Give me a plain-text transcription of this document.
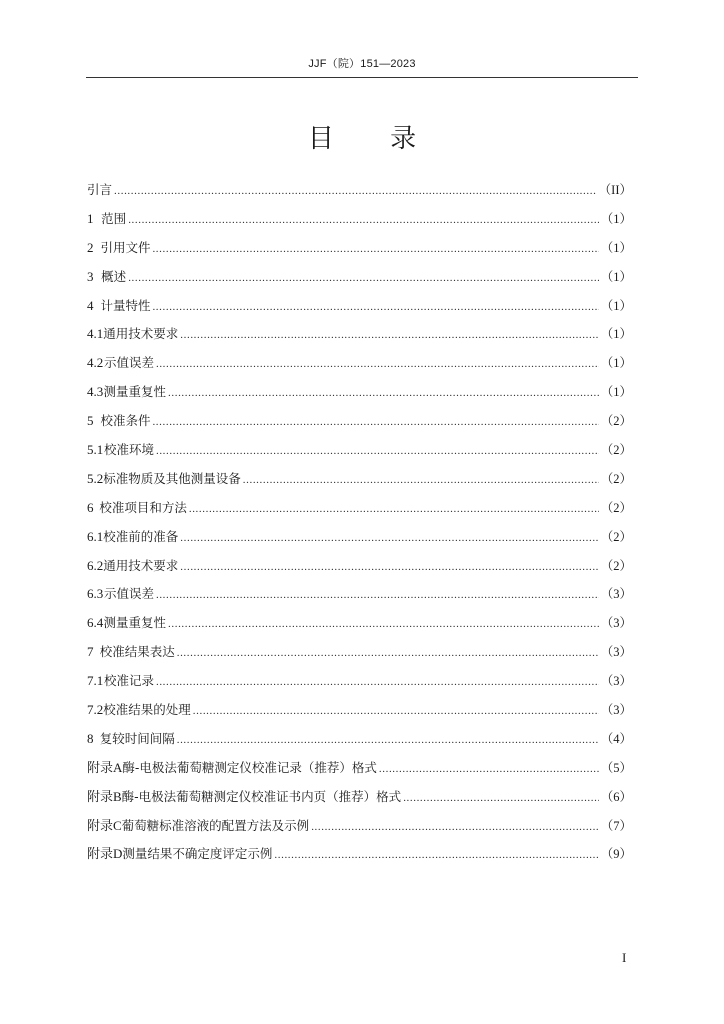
JJF（院）151—2023
目 录
引言 .....	（II）
1 范围 .....	（1）
2 引用文件 .....	（1）
3 概述 .....	（1）
4 计量特性 .....	（1）
4.1 通用技术要求 .....	（1）
4.2 示值误差 .....	（1）
4.3 测量重复性 .....	（1）
5 校准条件 .....	（2）
5.1 校准环境 .....	（2）
5.2 标准物质及其他测量设备 .....	（2）
6 校准项目和方法 .....	（2）
6.1 校准前的准备 .....	（2）
6.2 通用技术要求 .....	（2）
6.3 示值误差 .....	（3）
6.4 测量重复性 .....	（3）
7 校准结果表达 .....	（3）
7.1 校准记录 .....	（3）
7.2 校准结果的处理 .....	（3）
8 复较时间间隔 .....	（4）
附录A 酶-电极法葡萄糖测定仪校准记录（推荐）格式 .....	（5）
附录B 酶-电极法葡萄糖测定仪校准证书内页（推荐）格式 .....	（6）
附录C 葡萄糖标准溶液的配置方法及示例 .....	（7）
附录D 测量结果不确定度评定示例 .....	（9）
I
